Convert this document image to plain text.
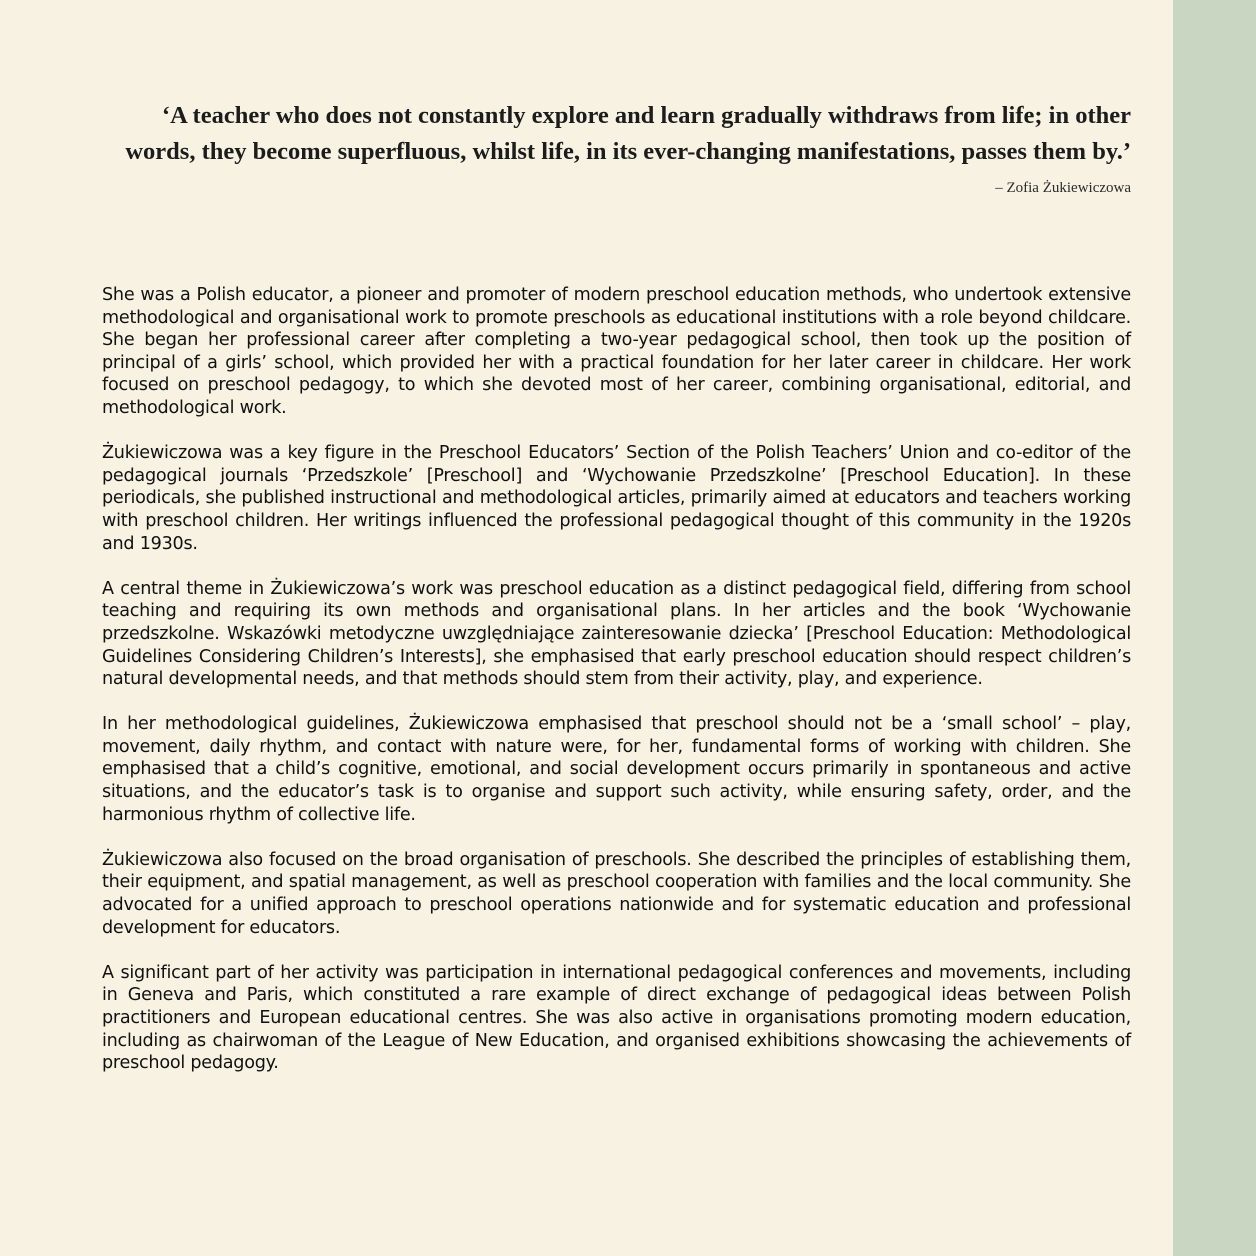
‘A teacher who does not constantly explore and learn gradually withdraws from life; in other words, they become superfluous, whilst life, in its ever-changing manifestations, passes them by.’

– Zofia Żukiewiczowa

She was a Polish educator, a pioneer and promoter of modern preschool education methods, who undertook extensive methodological and organisational work to promote preschools as educational institutions with a role beyond childcare. She began her professional career after completing a two-year pedagogical school, then took up the position of principal of a girls’ school, which provided her with a practical foundation for her later career in childcare. Her work focused on preschool pedagogy, to which she devoted most of her career, combining organisational, editorial, and methodological work.

Żukiewiczowa was a key figure in the Preschool Educators’ Section of the Polish Teachers’ Union and co-editor of the pedagogical journals ‘Przedszkole’ [Preschool] and ‘Wychowanie Przedszkolne’ [Preschool Education]. In these periodicals, she published instructional and methodological articles, primarily aimed at educators and teachers working with preschool children. Her writings influenced the professional pedagogical thought of this community in the 1920s and 1930s.

A central theme in Żukiewiczowa’s work was preschool education as a distinct pedagogical field, differing from school teaching and requiring its own methods and organisational plans. In her articles and the book ‘Wychowanie przedszkolne. Wskazówki metodyczne uwzględniające zainteresowanie dziecka’ [Preschool Education: Methodological Guidelines Considering Children’s Interests], she emphasised that early preschool education should respect children’s natural developmental needs, and that methods should stem from their activity, play, and experience.

In her methodological guidelines, Żukiewiczowa emphasised that preschool should not be a ‘small school’ – play, movement, daily rhythm, and contact with nature were, for her, fundamental forms of working with children. She emphasised that a child’s cognitive, emotional, and social development occurs primarily in spontaneous and active situations, and the educator’s task is to organise and support such activity, while ensuring safety, order, and the harmonious rhythm of collective life.

Żukiewiczowa also focused on the broad organisation of preschools. She described the principles of establishing them, their equipment, and spatial management, as well as preschool cooperation with families and the local community. She advocated for a unified approach to preschool operations nationwide and for systematic education and professional development for educators.

A significant part of her activity was participation in international pedagogical conferences and movements, including in Geneva and Paris, which constituted a rare example of direct exchange of pedagogical ideas between Polish practitioners and European educational centres. She was also active in organisations promoting modern education, including as chairwoman of the League of New Education, and organised exhibitions showcasing the achievements of preschool pedagogy.
